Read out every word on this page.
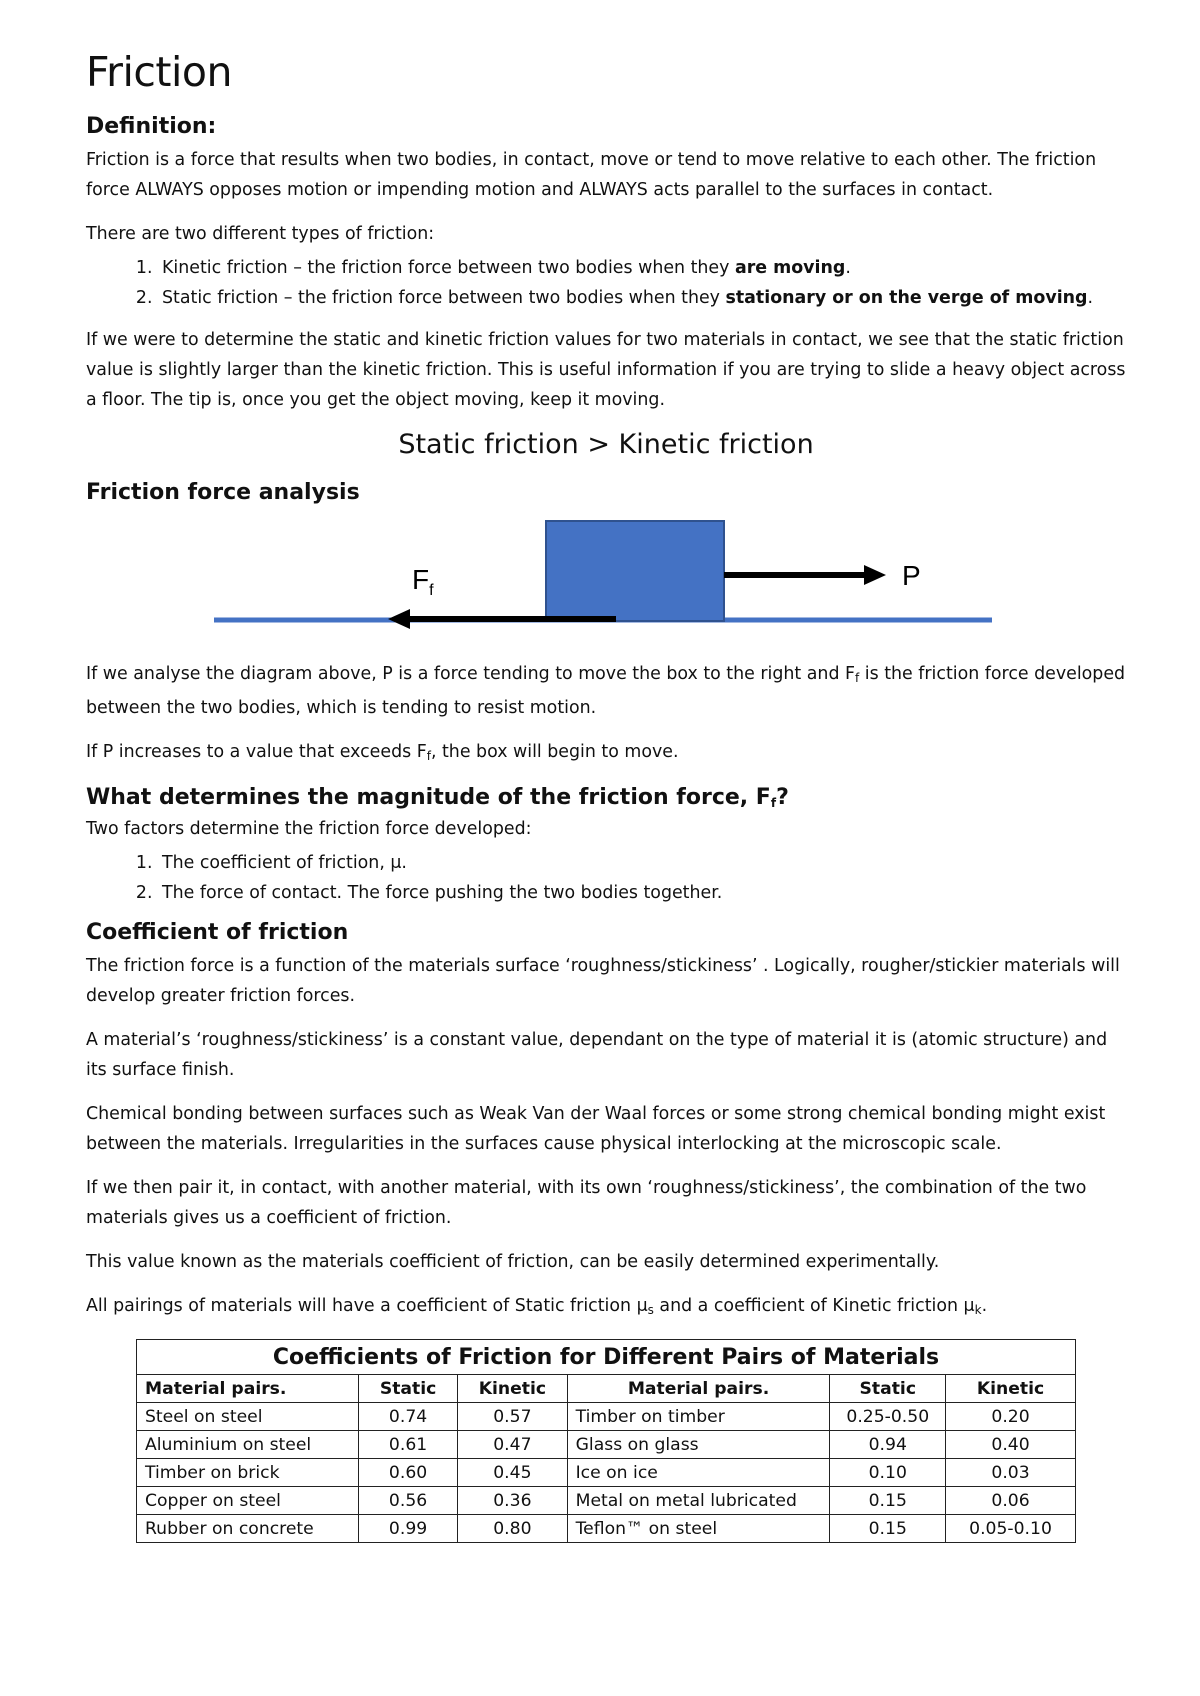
Friction
Definition:

Friction is a force that results when two bodies, in contact, move or tend to move relative to each other. The friction force ALWAYS opposes motion or impending motion and ALWAYS acts parallel to the surfaces in contact.

There are two different types of friction:

1. Kinetic friction – the friction force between two bodies when they are moving.
2. Static friction – the friction force between two bodies when they stationary or on the verge of moving.

If we were to determine the static and kinetic friction values for two materials in contact, we see that the static friction value is slightly larger than the kinetic friction. This is useful information if you are trying to slide a heavy object across a floor. The tip is, once you get the object moving, keep it moving.

Static friction > Kinetic friction
Friction force analysis
$F_f$	P

If we analyse the diagram above, P is a force tending to move the box to the right and $F_f$ is the friction force developed between the two bodies, which is tending to resist motion.

If P increases to a value that exceeds $F_f$, the box will begin to move.

What determines the magnitude of the friction force, $F_f$?

Two factors determine the friction force developed:

1. The coefficient of friction, μ.
2. The force of contact. The force pushing the two bodies together.
Coefficient of friction

The friction force is a function of the materials surface ‘roughness/stickiness’ . Logically, rougher/stickier materials will develop greater friction forces.

A material’s ‘roughness/stickiness’ is a constant value, dependant on the type of material it is (atomic structure) and its surface finish.

Chemical bonding between surfaces such as Weak Van der Waal forces or some strong chemical bonding might exist between the materials. Irregularities in the surfaces cause physical interlocking at the microscopic scale.

If we then pair it, in contact, with another material, with its own ‘roughness/stickiness’, the combination of the two materials gives us a coefficient of friction.

This value known as the materials coefficient of friction, can be easily determined experimentally.

All pairings of materials will have a coefficient of Static friction $\mu_s$ and a coefficient of Kinetic friction $\mu_k$.

Coefficients of Friction for Different Pairs of Materials					
Material pairs.	Static	Kinetic	Material pairs.	Static	Kinetic
Steel on steel	0.74	0.57	Timber on timber	0.25-0.50	0.20
Aluminium on steel	0.61	0.47	Glass on glass	0.94	0.40
Timber on brick	0.60	0.45	Ice on ice	0.10	0.03
Copper on steel	0.56	0.36	Metal on metal lubricated	0.15	0.06
Rubber on concrete	0.99	0.80	Teflon™ on steel	0.15	0.05-0.10
